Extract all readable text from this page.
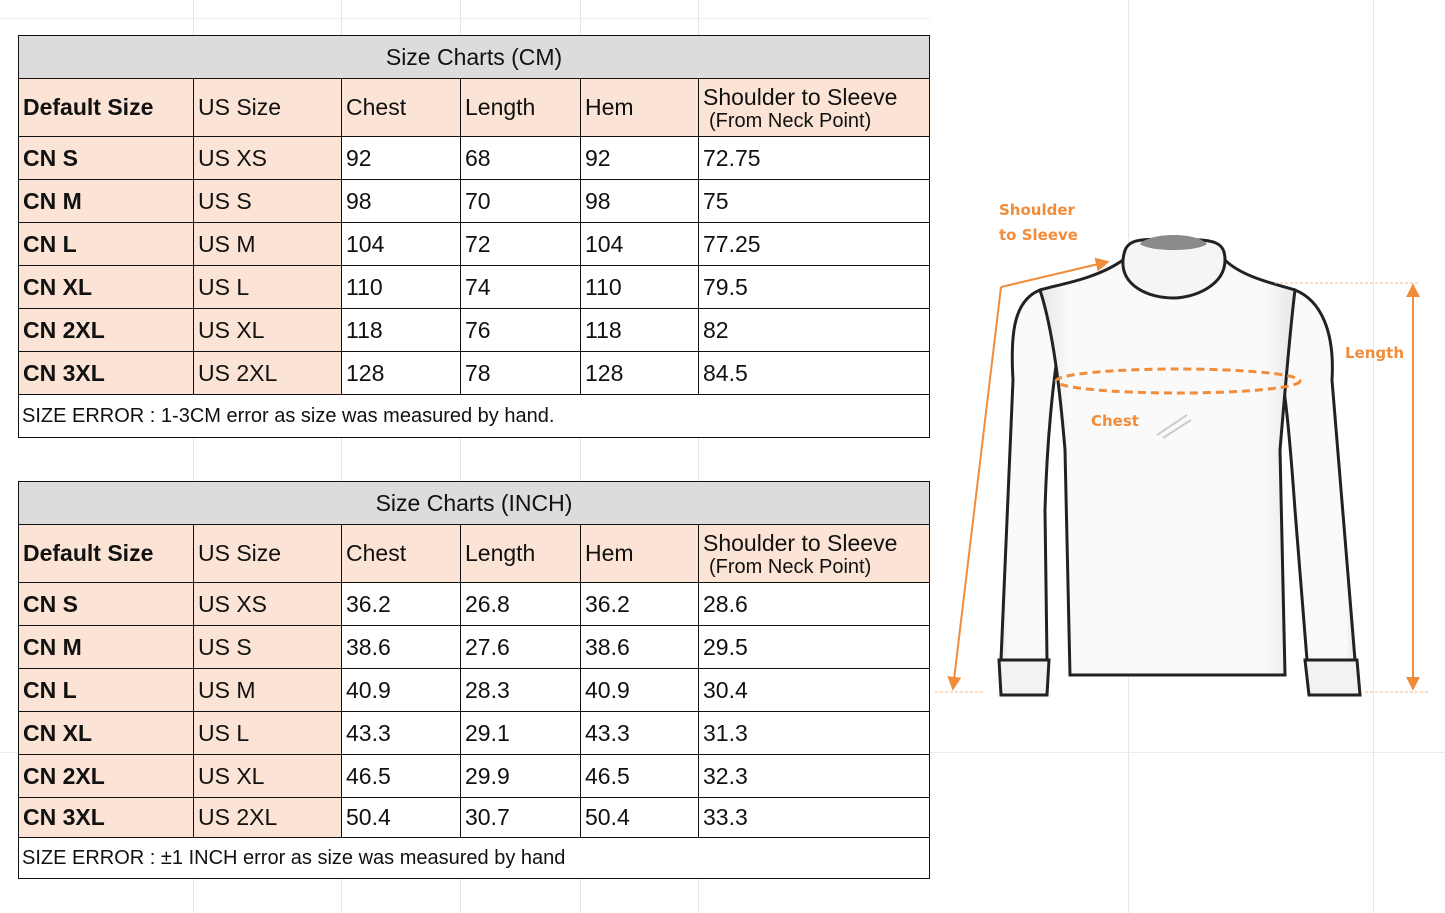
Size Charts (CM)					
Default Size	US Size	Chest	Length	Hem	Shoulder to Sleeve
(From Neck Point)

CN S	US XS	92	68	92	72.75
CN M	US S	98	70	98	75
CN L	US M	104	72	104	77.25
CN XL	US L	110	74	110	79.5
CN 2XL	US XL	118	76	118	82
CN 3XL	US 2XL	128	78	128	84.5
SIZE ERROR : 1-3CM error as size was measured by hand.					
Size Charts (INCH)					
Default Size	US Size	Chest	Length	Hem	Shoulder to Sleeve
(From Neck Point)

CN S	US XS	36.2	26.8	36.2	28.6
CN M	US S	38.6	27.6	38.6	29.5
CN L	US M	40.9	28.3	40.9	30.4
CN XL	US L	43.3	29.1	43.3	31.3
CN 2XL	US XL	46.5	29.9	46.5	32.3
CN 3XL	US 2XL	50.4	30.7	50.4	33.3
SIZE ERROR : ±1 INCH error as size was measured by hand					
Shoulder
to Sleeve
Length
Chest
